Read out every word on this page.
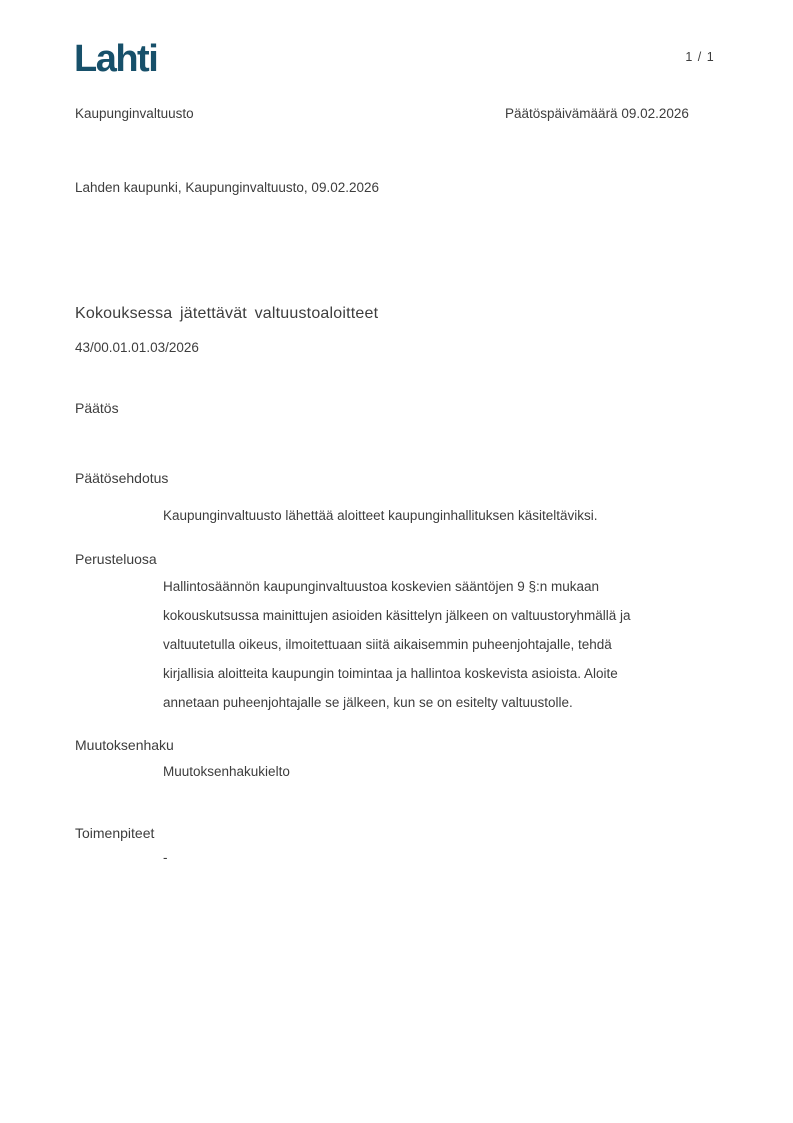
Lahti	1 / 1
Kaupunginvaltuusto	Päätöspäivämäärä 09.02.2026
Lahden kaupunki, Kaupunginvaltuusto, 09.02.2026
Kokouksessa jätettävät valtuustoaloitteet
43/00.01.01.03/2026
Päätös
Päätösehdotus
Kaupunginvaltuusto lähettää aloitteet kaupunginhallituksen käsiteltäviksi.
Perusteluosa
Hallintosäännön kaupunginvaltuustoa koskevien sääntöjen 9 §:n mukaan
kokouskutsussa mainittujen asioiden käsittelyn jälkeen on valtuustoryhmällä ja
valtuutetulla oikeus, ilmoitettuaan siitä aikaisemmin puheenjohtajalle, tehdä
kirjallisia aloitteita kaupungin toimintaa ja hallintoa koskevista asioista. Aloite
annetaan puheenjohtajalle se jälkeen, kun se on esitelty valtuustolle.
Muutoksenhaku
Muutoksenhakukielto
Toimenpiteet
-
